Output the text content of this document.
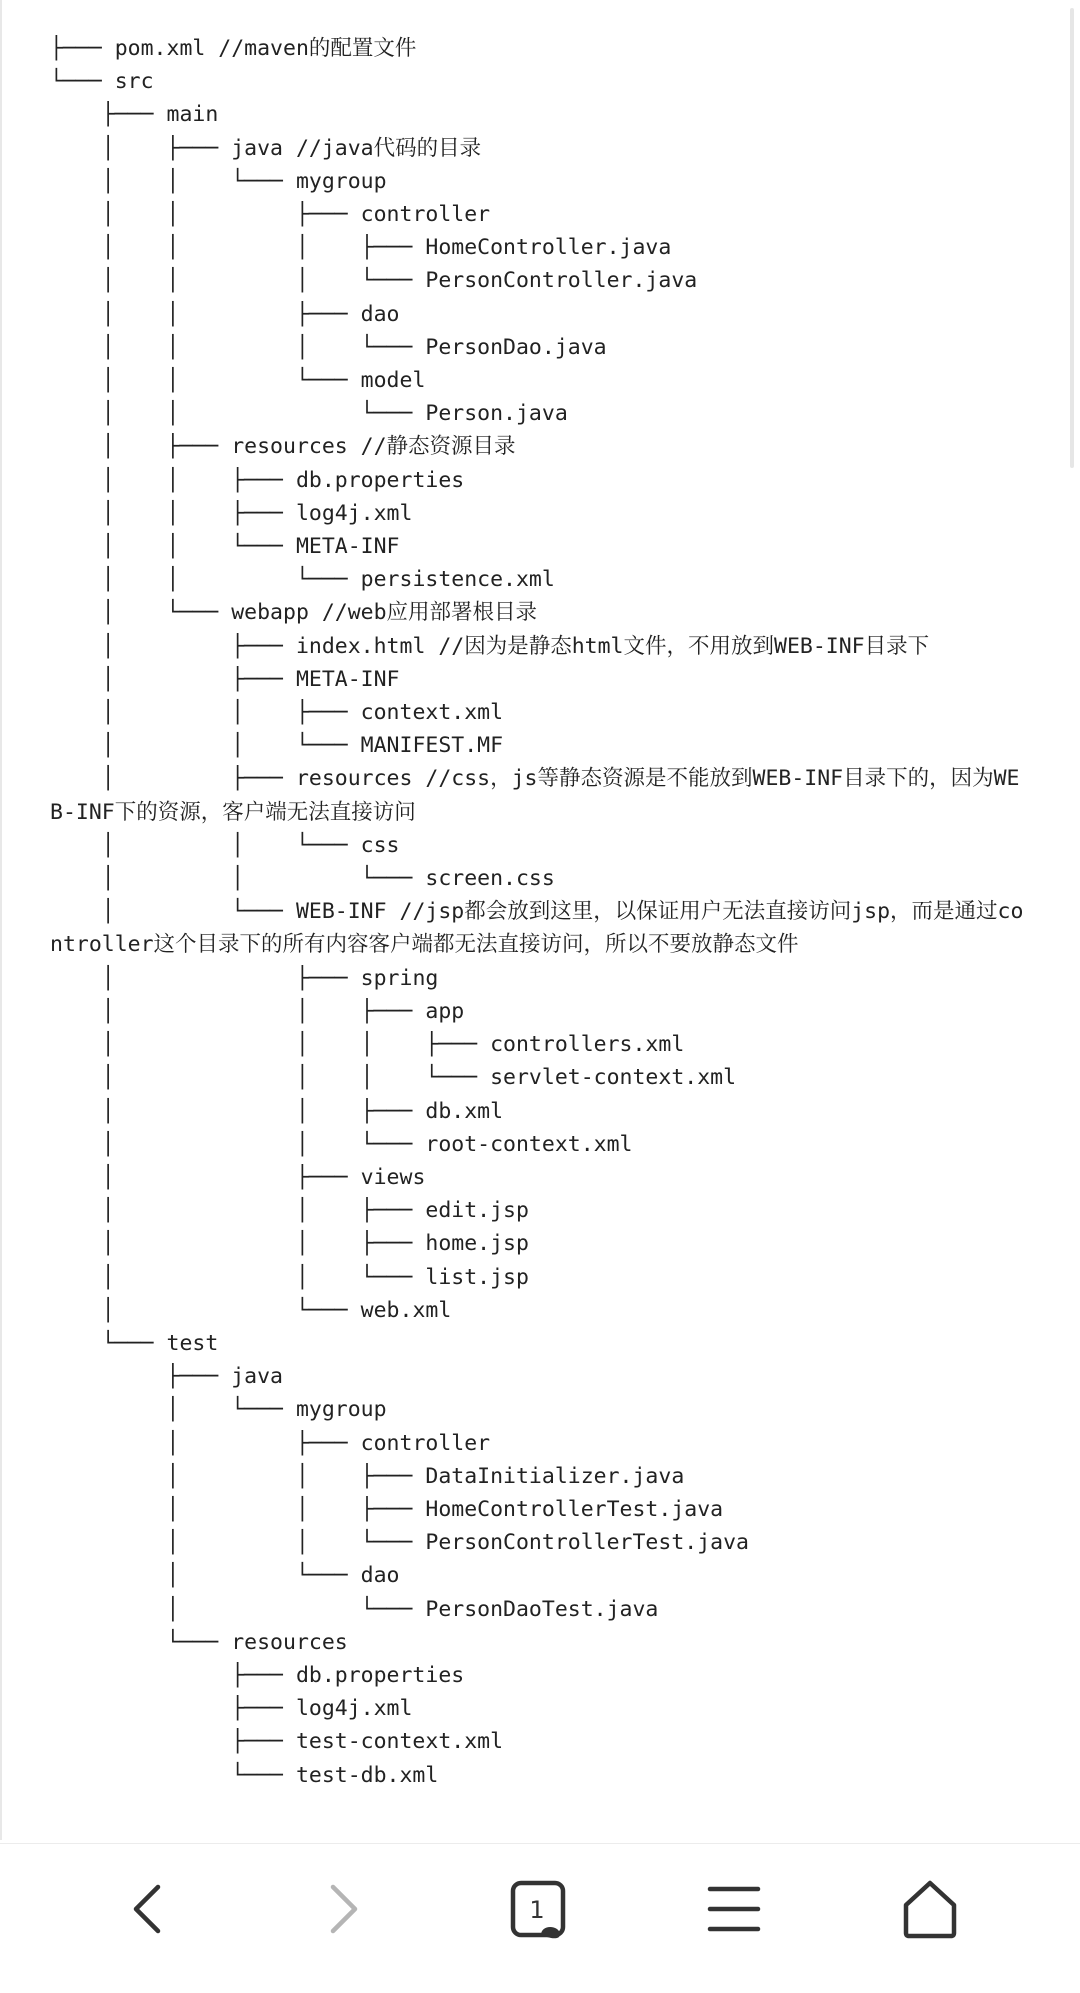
├─── pom.xml //maven的配置文件
└─── src
├─── main
│    ├─── java //java代码的目录
│    │    └─── mygroup
│    │         ├─── controller
│    │         │    ├─── HomeController.java
│    │         │    └─── PersonController.java
│    │         ├─── dao
│    │         │    └─── PersonDao.java
│    │         └─── model
│    │              └─── Person.java
│    ├─── resources //静态资源目录
│    │    ├─── db.properties
│    │    ├─── log4j.xml
│    │    └─── META-INF
│    │         └─── persistence.xml
│    └─── webapp //web应用部署根目录
│         ├─── index.html //因为是静态html文件，不用放到WEB-INF目录下
│         ├─── META-INF
│         │    ├─── context.xml
│         │    └─── MANIFEST.MF
│         ├─── resources //css，js等静态资源是不能放到WEB-INF目录下的，因为WEB-INF下的资源，客户端无法直接访问
│         │    └─── css
│         │         └─── screen.css
│         └─── WEB-INF //jsp都会放到这里，以保证用户无法直接访问jsp，而是通过controller这个目录下的所有内容客户端都无法直接访问，所以不要放静态文件
│              ├─── spring
│              │    ├─── app
│              │    │    ├─── controllers.xml
│              │    │    └─── servlet-context.xml
│              │    ├─── db.xml
│              │    └─── root-context.xml
│              ├─── views
│              │    ├─── edit.jsp
│              │    ├─── home.jsp
│              │    └─── list.jsp
│              └─── web.xml
└─── test
├─── java
│    └─── mygroup
│         ├─── controller
│         │    ├─── DataInitializer.java
│         │    ├─── HomeControllerTest.java
│         │    └─── PersonControllerTest.java
│         └─── dao
│              └─── PersonDaoTest.java
└─── resources
├─── db.properties
├─── log4j.xml
├─── test-context.xml
└─── test-db.xml
1
